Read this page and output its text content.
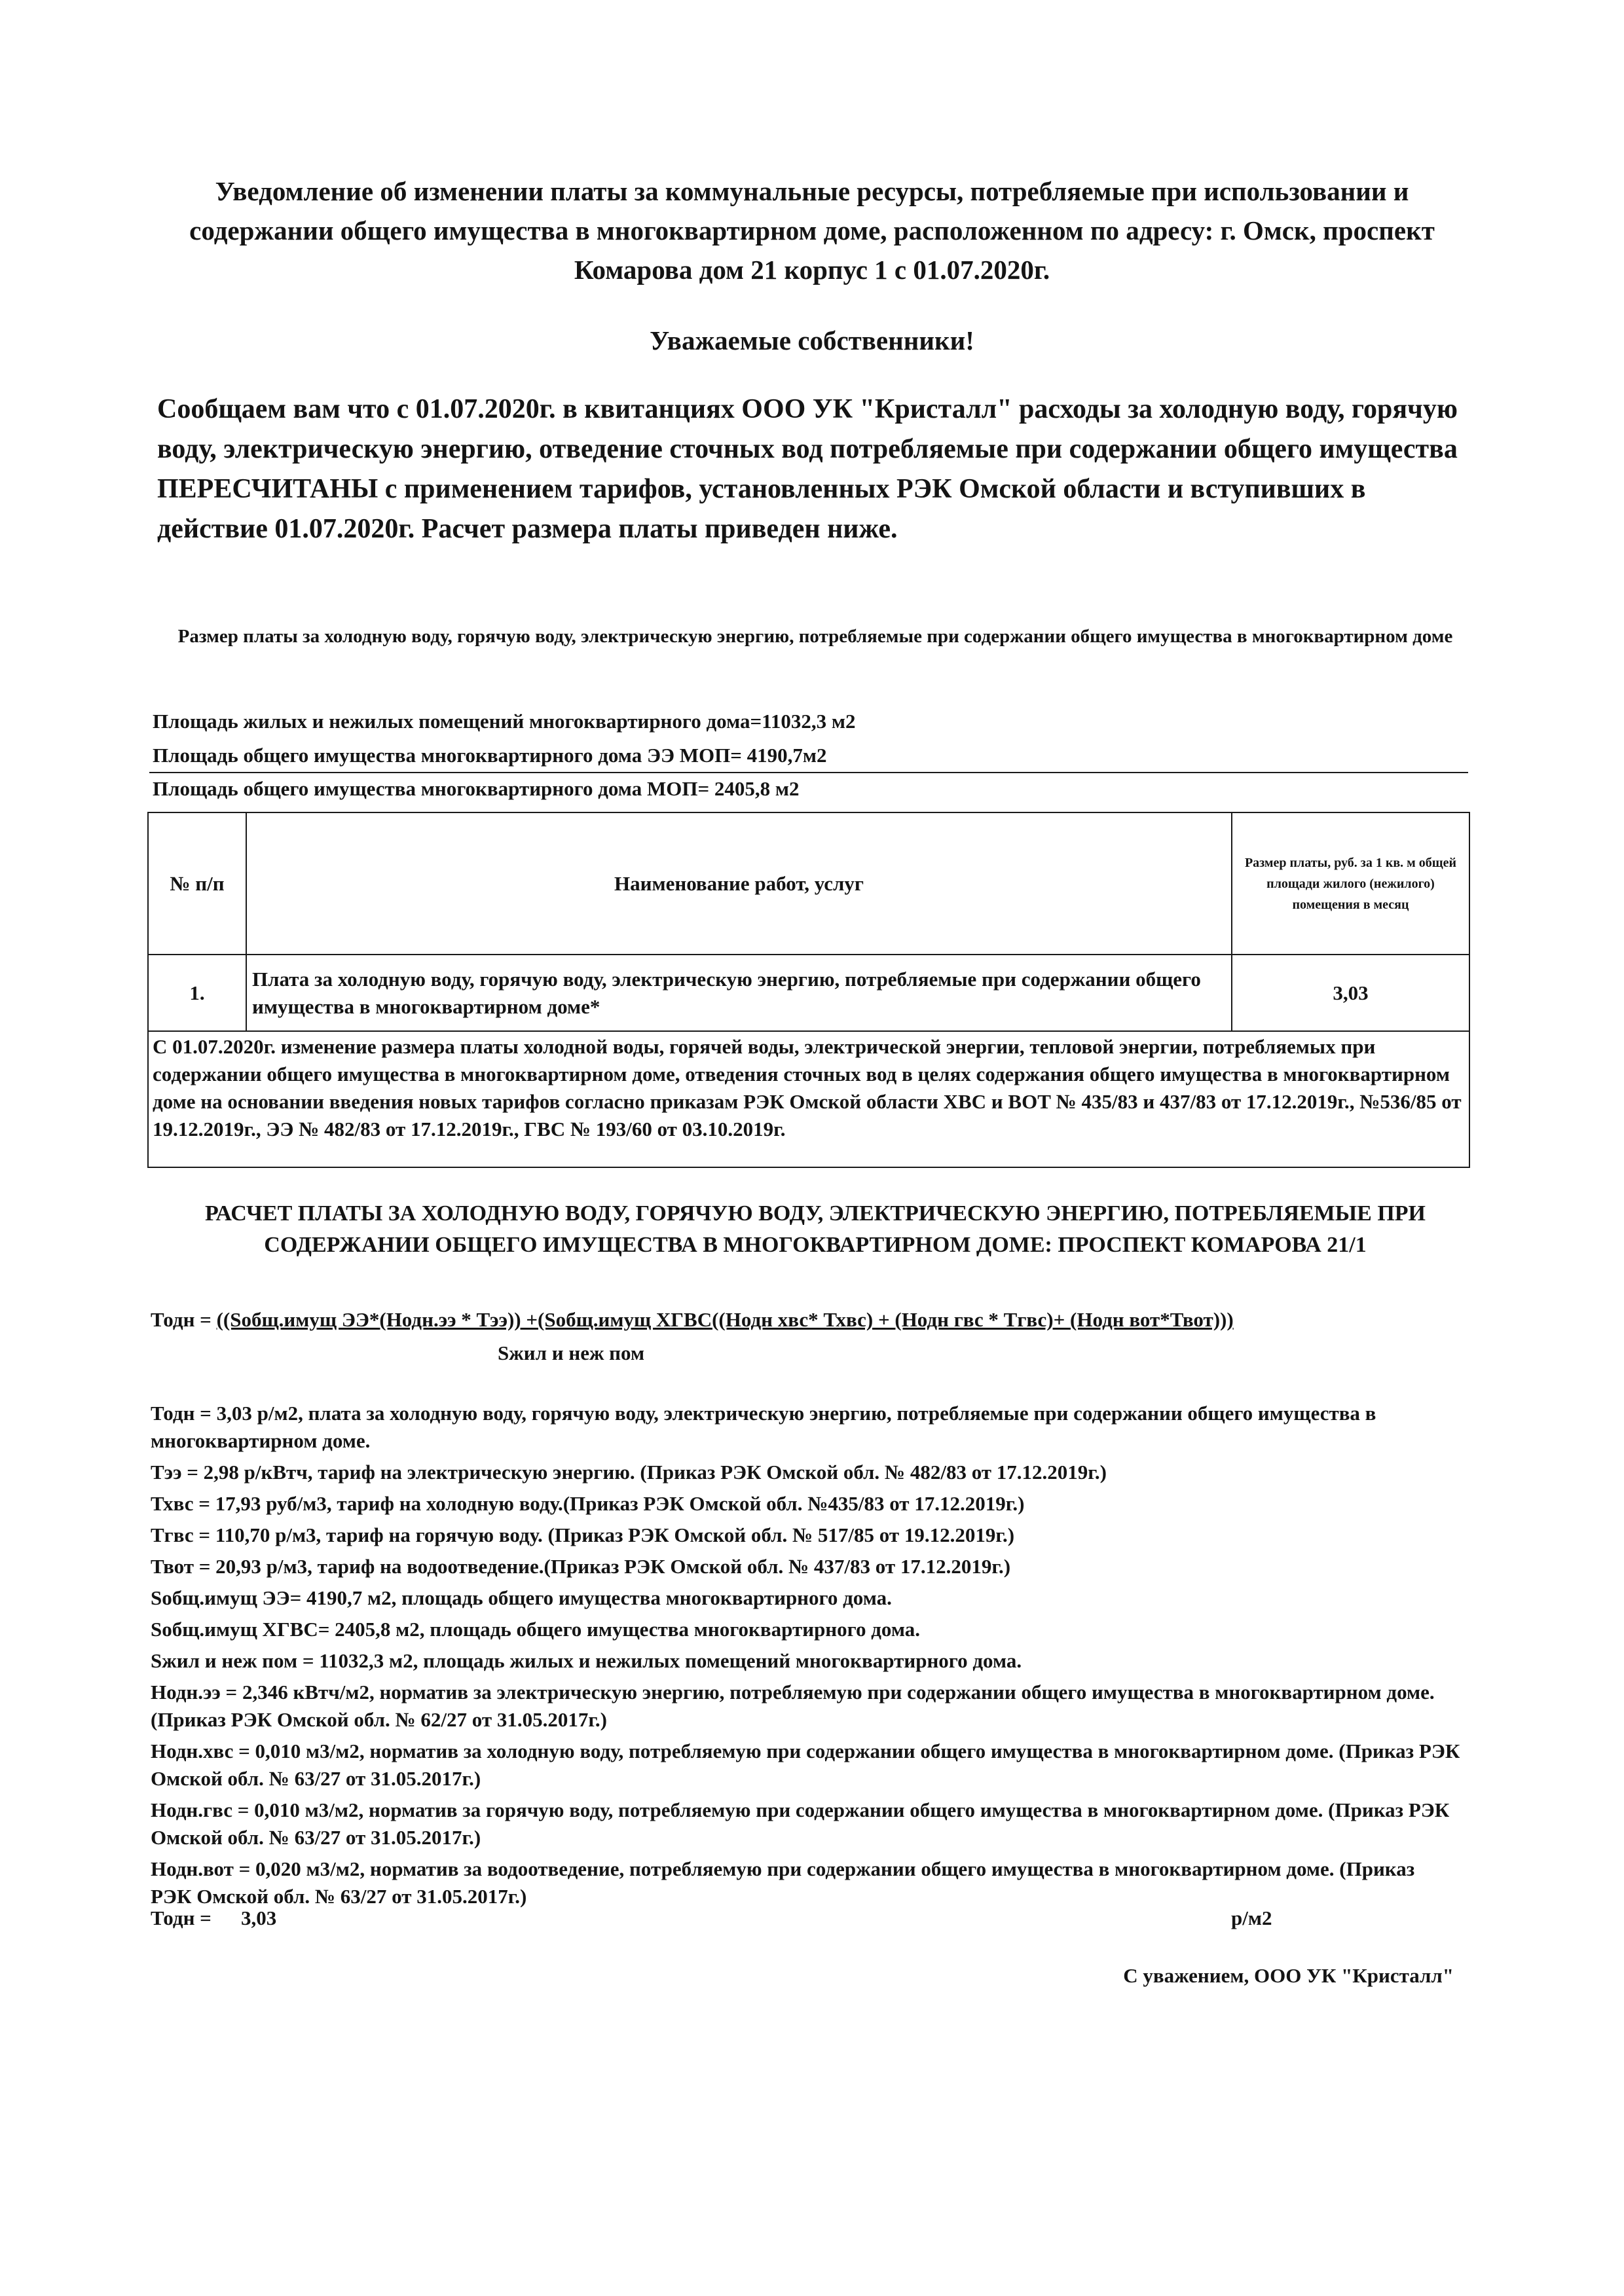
Уведомление об изменении платы за коммунальные ресурсы, потребляемые при использовании и содержании общего имущества в многоквартирном доме, расположенном по адресу: г. Омск, проспект Комарова дом 21 корпус 1 с 01.07.2020г.
Уважаемые собственники!
Сообщаем вам что с 01.07.2020г. в квитанциях ООО УК "Кристалл" расходы за холодную воду, горячую воду, электрическую энергию, отведение сточных вод потребляемые при содержании общего имущества ПЕРЕСЧИТАНЫ с применением тарифов, установленных РЭК Омской области и вступивших в действие 01.07.2020г. Расчет размера платы приведен ниже.
Размер платы за холодную воду, горячую воду, электрическую энергию, потребляемые при содержании общего имущества в многоквартирном доме
Площадь жилых и нежилых помещений многоквартирного дома=11032,3 м2
Площадь общего имущества многоквартирного дома ЭЭ МОП= 4190,7м2
Площадь общего имущества многоквартирного дома МОП= 2405,8 м2
№ п/п	Наименование работ, услуг	Размер платы, руб. за 1 кв. м общей площади жилого (нежилого) помещения в месяц
1.	Плата за холодную воду, горячую воду, электрическую энергию, потребляемые при содержании общего имущества в многоквартирном доме*	3,03
С 01.07.2020г. изменение размера платы холодной воды, горячей воды, электрической энергии, тепловой энергии, потребляемых при содержании общего имущества в многоквартирном доме, отведения сточных вод в целях содержания общего имущества в многоквартирном доме на основании введения новых тарифов согласно приказам РЭК Омской области ХВС и ВОТ № 435/83 и 437/83 от 17.12.2019г., №536/85 от 19.12.2019г., ЭЭ № 482/83 от 17.12.2019г., ГВС № 193/60 от 03.10.2019г.		
РАСЧЕТ ПЛАТЫ ЗА ХОЛОДНУЮ ВОДУ, ГОРЯЧУЮ ВОДУ, ЭЛЕКТРИЧЕСКУЮ ЭНЕРГИЮ, ПОТРЕБЛЯЕМЫЕ ПРИ СОДЕРЖАНИИ ОБЩЕГО ИМУЩЕСТВА В МНОГОКВАРТИРНОМ ДОМЕ: ПРОСПЕКТ КОМАРОВА 21/1
Тодн = ((Sобщ.имущ ЭЭ*(Нодн.ээ * Тээ)) +(Sобщ.имущ ХГВС((Нодн хвс* Тхвс) + (Нодн гвс * Тгвс)+ (Нодн вот*Твот)))
Sжил и неж пом
Тодн = 3,03 р/м2, плата за холодную воду, горячую воду, электрическую энергию, потребляемые при содержании общего имущества в многоквартирном доме.
Тээ = 2,98 р/кВтч, тариф на электрическую энергию. (Приказ РЭК Омской обл. № 482/83 от 17.12.2019г.)
Тхвс = 17,93 руб/м3, тариф на холодную воду.(Приказ РЭК Омской обл. №435/83 от 17.12.2019г.)
Тгвс = 110,70 р/м3, тариф на горячую воду. (Приказ РЭК Омской обл. № 517/85 от 19.12.2019г.)
Твот = 20,93 р/м3, тариф на водоотведение.(Приказ РЭК Омской обл. № 437/83 от 17.12.2019г.)
Sобщ.имущ ЭЭ= 4190,7 м2, площадь общего имущества многоквартирного дома.
Sобщ.имущ ХГВС= 2405,8 м2, площадь общего имущества многоквартирного дома.
Sжил и неж пом = 11032,3 м2, площадь жилых и нежилых помещений многоквартирного дома.
Нодн.ээ = 2,346 кВтч/м2, норматив за электрическую энергию, потребляемую при содержании общего имущества в многоквартирном доме.(Приказ РЭК Омской обл. № 62/27 от 31.05.2017г.)
Нодн.хвс = 0,010 м3/м2, норматив за холодную воду, потребляемую при содержании общего имущества в многоквартирном доме. (Приказ РЭК Омской обл. № 63/27 от 31.05.2017г.)
Нодн.гвс = 0,010 м3/м2, норматив за горячую воду, потребляемую при содержании общего имущества в многоквартирном доме. (Приказ РЭК Омской обл. № 63/27 от 31.05.2017г.)
Нодн.вот = 0,020 м3/м2, норматив за водоотведение, потребляемую при содержании общего имущества в многоквартирном доме. (Приказ РЭК Омской обл. № 63/27 от 31.05.2017г.)
Тодн = 3,03	р/м2
С уважением, ООО УК "Кристалл"
